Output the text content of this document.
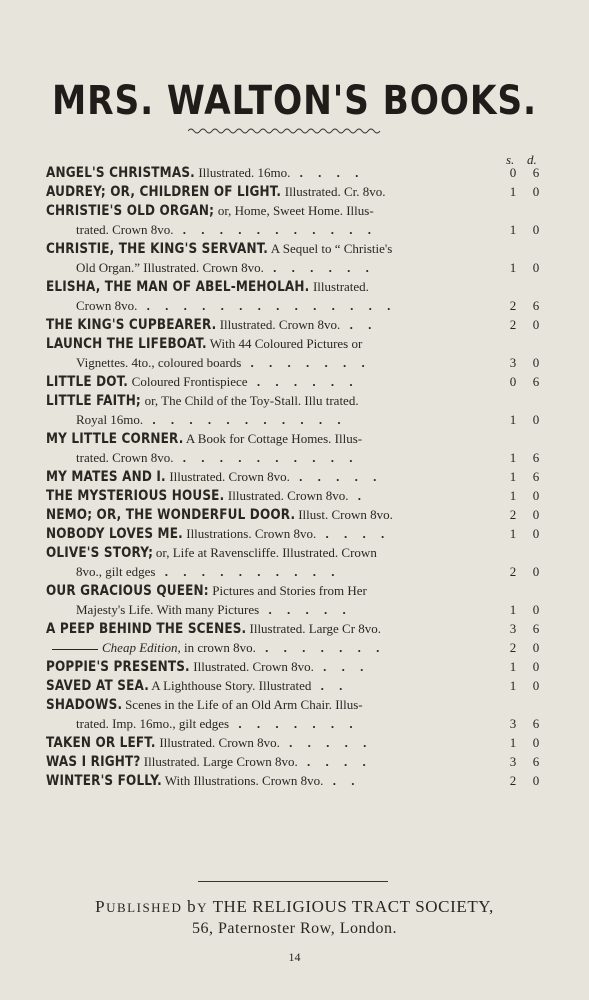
MRS. WALTON'S BOOKS.
s. d.
ANGEL'S CHRISTMAS. Illustrated. 16mo. . . . .	0 6
AUDREY; OR, CHILDREN OF LIGHT. Illustrated. Cr. 8vo.	1 0
CHRISTIE'S OLD ORGAN; or, Home, Sweet Home. Illus-
trated. Crown 8vo. . . . . . . . . . . .	1 0
CHRISTIE, THE KING'S SERVANT. A Sequel to “ Christie's
Old Organ.” Illustrated. Crown 8vo. . . . . . .	1 0
ELISHA, THE MAN OF ABEL-MEHOLAH. Illustrated.
Crown 8vo. . . . . . . . . . . . . . .	2 6
THE KING'S CUPBEARER. Illustrated. Crown 8vo. . .	2 0
LAUNCH THE LIFEBOAT. With 44 Coloured Pictures or
Vignettes. 4to., coloured boards . . . . . . .	3 0
LITTLE DOT. Coloured Frontispiece . . . . . .	0 6
LITTLE FAITH; or, The Child of the Toy-Stall. Illu trated.
Royal 16mo. . . . . . . . . . . .	1 0
MY LITTLE CORNER. A Book for Cottage Homes. Illus-
trated. Crown 8vo. . . . . . . . . . .	1 6
MY MATES AND I. Illustrated. Crown 8vo. . . . . .	1 6
THE MYSTERIOUS HOUSE. Illustrated. Crown 8vo. .	1 0
NEMO; OR, THE WONDERFUL DOOR. Illust. Crown 8vo.	2 0
NOBODY LOVES ME. Illustrations. Crown 8vo. . . . .	1 0
OLIVE'S STORY; or, Life at Ravenscliffe. Illustrated. Crown
8vo., gilt edges . . . . . . . . . .	2 0
OUR GRACIOUS QUEEN: Pictures and Stories from Her
Majesty's Life. With many Pictures . . . . .	1 0
A PEEP BEHIND THE SCENES. Illustrated. Large Cr 8vo.	3 6
Cheap Edition, in crown 8vo. . . . . . . .	2 0
POPPIE'S PRESENTS. Illustrated. Crown 8vo. . . .	1 0
SAVED AT SEA. A Lighthouse Story. Illustrated . .	1 0
SHADOWS. Scenes in the Life of an Old Arm Chair. Illus-
trated. Imp. 16mo., gilt edges . . . . . . .	3 6
TAKEN OR LEFT. Illustrated. Crown 8vo. . . . . .	1 0
WAS I RIGHT? Illustrated. Large Crown 8vo. . . . .	3 6
WINTER'S FOLLY. With Illustrations. Crown 8vo. . .	2 0
PUBLISHED bY THE RELIGIOUS TRACT SOCIETY,
56, Paternoster Row, London.
14
